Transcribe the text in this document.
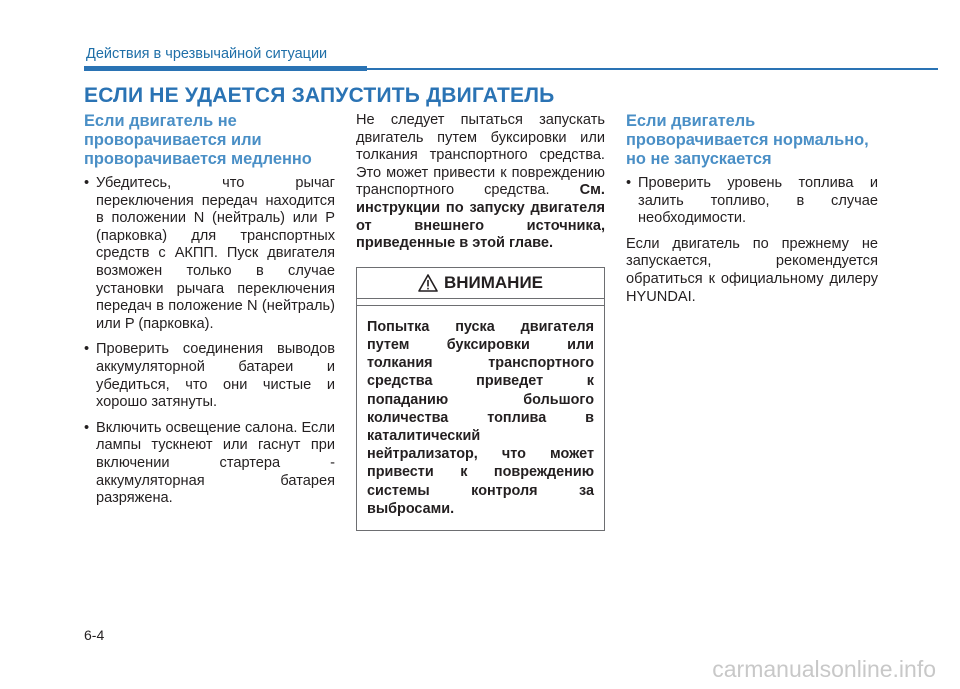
Действия в чрезвычайной ситуации
ЕСЛИ НЕ УДАЕТСЯ ЗАПУСТИТЬ ДВИГАТЕЛЬ
Если двигатель не проворачивается или проворачивается медленно
• Убедитесь, что рычаг переключения передач находится в положении N (нейтраль) или P (парковка) для транспортных средств с АКПП. Пуск двигателя возможен только в случае установки рычага переключения передач в положение N (нейтраль) или P (парковка).
• Проверить соединения выводов аккумуляторной батареи и убедиться, что они чистые и хорошо затянуты.
• Включить освещение салона. Если лампы тускнеют или гаснут при включении стартера - аккумуляторная батарея разряжена.

Не следует пытаться запускать двигатель путем буксировки или толкания транспортного средства. Это может привести к повреждению транспортного средства. См. инструкции по запуску двигателя от внешнего источника, приведенные в этой главе.

ВНИМАНИЕ
Попытка пуска двигателя путем буксировки или толкания транспортного средства приведет к попаданию большого количества топлива в каталитический нейтрализатор, что может привести к повреждению системы контроля за выбросами.
Если двигатель проворачивается нормально, но не запускается
• Проверить уровень топлива и залить топливо, в случае необходимости.

Если двигатель по прежнему не запускается, рекомендуется обратиться к официальному дилеру HYUNDAI.

6-4
carmanualsonline.info
